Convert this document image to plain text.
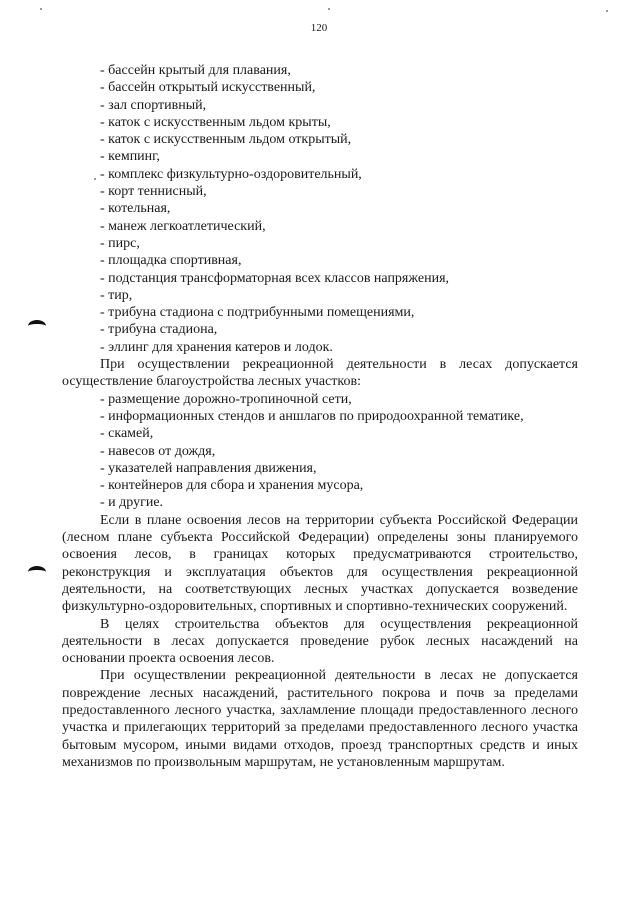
120
- бассейн крытый для плавания,
- бассейн открытый искусственный,
- зал спортивный,
- каток с искусственным льдом крыты,
- каток с искусственным льдом открытый,
- кемпинг,
- комплекс физкультурно-оздоровительный,
- корт теннисный,
- котельная,
- манеж легкоатлетический,
- пирс,
- площадка спортивная,
- подстанция трансформаторная всех классов напряжения,
- тир,
- трибуна стадиона с подтрибунными помещениями,
- трибуна стадиона,
- эллинг для хранения катеров и лодок.

При осуществлении рекреационной деятельности в лесах допускается осуществление благоустройства лесных участков:

- размещение дорожно-тропиночной сети,
- информационных стендов и аншлагов по природоохранной тематике,
- скамей,
- навесов от дождя,
- указателей направления движения,
- контейнеров для сбора и хранения мусора,
- и другие.

Если в плане освоения лесов на территории субъекта Российской Федерации (лесном плане субъекта Российской Федерации) определены зоны планируемого освоения лесов, в границах которых предусматриваются строительство, реконструкция и эксплуатация объектов для осуществления рекреационной деятельности, на соответствующих лесных участках допускается возведение физкультурно-оздоровительных, спортивных и спортивно-технических сооружений.

В целях строительства объектов для осуществления рекреационной деятельности в лесах допускается проведение рубок лесных насаждений на основании проекта освоения лесов.

При осуществлении рекреационной деятельности в лесах не допускается повреждение лесных насаждений, растительного покрова и почв за пределами предоставленного лесного участка, захламление площади предоставленного лесного участка и прилегающих территорий за пределами предоставленного лесного участка бытовым мусором, иными видами отходов, проезд транспортных средств и иных механизмов по произвольным маршрутам, не установленным маршрутам.
